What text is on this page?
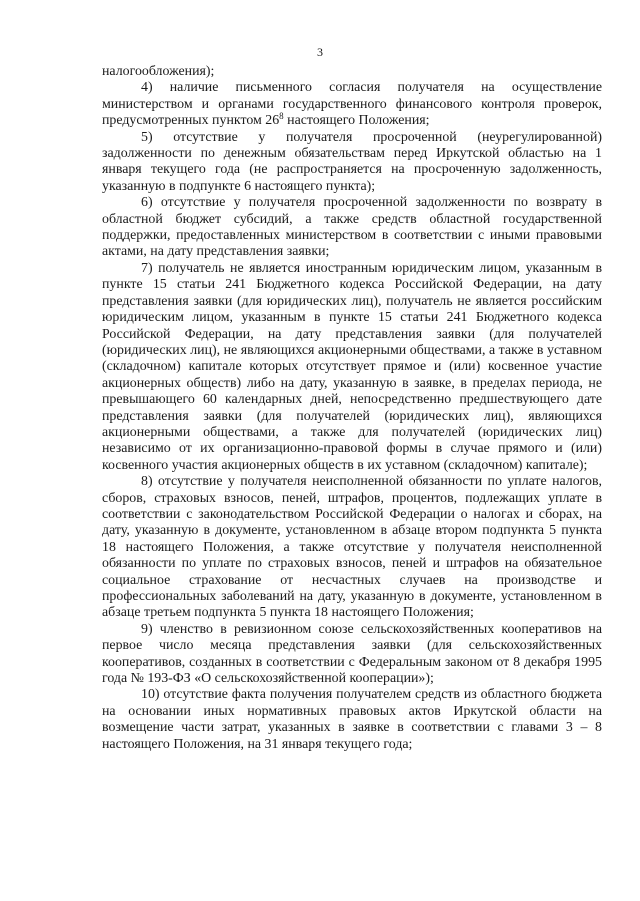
3

налогообложения);

4) наличие письменного согласия получателя на осуществление министерством и органами государственного финансового контроля проверок, предусмотренных пунктом $26^8$ настоящего Положения;

5) отсутствие у получателя просроченной (неурегулированной) задолженности по денежным обязательствам перед Иркутской областью на 1 января текущего года (не распространяется на просроченную задолженность, указанную в подпункте 6 настоящего пункта);

6) отсутствие у получателя просроченной задолженности по возврату в областной бюджет субсидий, а также средств областной государственной поддержки, предоставленных министерством в соответствии с иными правовыми актами, на дату представления заявки;

7) получатель не является иностранным юридическим лицом, указанным в пункте 15 статьи 241 Бюджетного кодекса Российской Федерации, на дату представления заявки (для юридических лиц), получатель не является российским юридическим лицом, указанным в пункте 15 статьи 241 Бюджетного кодекса Российской Федерации, на дату представления заявки (для получателей (юридических лиц), не являющихся акционерными обществами, а также в уставном (складочном) капитале которых отсутствует прямое и (или) косвенное участие акционерных обществ) либо на дату, указанную в заявке, в пределах периода, не превышающего 60 календарных дней, непосредственно предшествующего дате представления заявки (для получателей (юридических лиц), являющихся акционерными обществами, а также для получателей (юридических лиц) независимо от их организационно-правовой формы в случае прямого и (или) косвенного участия акционерных обществ в их уставном (складочном) капитале);

8) отсутствие у получателя неисполненной обязанности по уплате налогов, сборов, страховых взносов, пеней, штрафов, процентов, подлежащих уплате в соответствии с законодательством Российской Федерации о налогах и сборах, на дату, указанную в документе, установленном в абзаце втором подпункта 5 пункта 18 настоящего Положения, а также отсутствие у получателя неисполненной обязанности по уплате по страховых взносов, пеней и штрафов на обязательное социальное страхование от несчастных случаев на производстве и профессиональных заболеваний на дату, указанную в документе, установленном в абзаце третьем подпункта 5 пункта 18 настоящего Положения;

9) членство в ревизионном союзе сельскохозяйственных кооперативов на первое число месяца представления заявки (для сельскохозяйственных кооперативов, созданных в соответствии с Федеральным законом от 8 декабря 1995 года № 193-ФЗ «О сельскохозяйственной кооперации»);

10) отсутствие факта получения получателем средств из областного бюджета на основании иных нормативных правовых актов Иркутской области на возмещение части затрат, указанных в заявке в соответствии с главами 3 – 8 настоящего Положения, на 31 января текущего года;
